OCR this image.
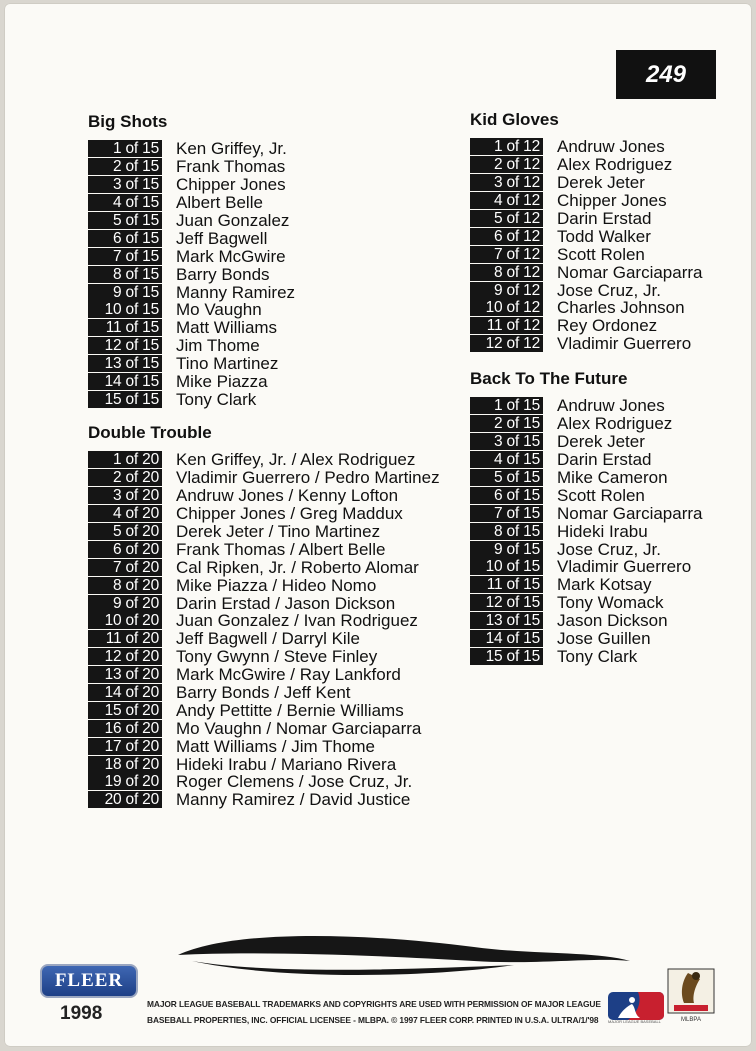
249
Big Shots
1 of 15 Ken Griffey, Jr.
2 of 15 Frank Thomas
3 of 15 Chipper Jones
4 of 15 Albert Belle
5 of 15 Juan Gonzalez
6 of 15 Jeff Bagwell
7 of 15 Mark McGwire
8 of 15 Barry Bonds
9 of 15 Manny Ramirez
10 of 15 Mo Vaughn
11 of 15 Matt Williams
12 of 15 Jim Thome
13 of 15 Tino Martinez
14 of 15 Mike Piazza
15 of 15 Tony Clark
Double Trouble
1 of 20 Ken Griffey, Jr. / Alex Rodriguez
2 of 20 Vladimir Guerrero / Pedro Martinez
3 of 20 Andruw Jones / Kenny Lofton
4 of 20 Chipper Jones / Greg Maddux
5 of 20 Derek Jeter / Tino Martinez
6 of 20 Frank Thomas / Albert Belle
7 of 20 Cal Ripken, Jr. / Roberto Alomar
8 of 20 Mike Piazza / Hideo Nomo
9 of 20 Darin Erstad / Jason Dickson
10 of 20 Juan Gonzalez / Ivan Rodriguez
11 of 20 Jeff Bagwell / Darryl Kile
12 of 20 Tony Gwynn / Steve Finley
13 of 20 Mark McGwire / Ray Lankford
14 of 20 Barry Bonds / Jeff Kent
15 of 20 Andy Pettitte / Bernie Williams
16 of 20 Mo Vaughn / Nomar Garciaparra
17 of 20 Matt Williams / Jim Thome
18 of 20 Hideki Irabu / Mariano Rivera
19 of 20 Roger Clemens / Jose Cruz, Jr.
20 of 20 Manny Ramirez / David Justice
Kid Gloves
1 of 12 Andruw Jones
2 of 12 Alex Rodriguez
3 of 12 Derek Jeter
4 of 12 Chipper Jones
5 of 12 Darin Erstad
6 of 12 Todd Walker
7 of 12 Scott Rolen
8 of 12 Nomar Garciaparra
9 of 12 Jose Cruz, Jr.
10 of 12 Charles Johnson
11 of 12 Rey Ordonez
12 of 12 Vladimir Guerrero
Back To The Future
1 of 15 Andruw Jones
2 of 15 Alex Rodriguez
3 of 15 Derek Jeter
4 of 15 Darin Erstad
5 of 15 Mike Cameron
6 of 15 Scott Rolen
7 of 15 Nomar Garciaparra
8 of 15 Hideki Irabu
9 of 15 Jose Cruz, Jr.
10 of 15 Vladimir Guerrero
11 of 15 Mark Kotsay
12 of 15 Tony Womack
13 of 15 Jason Dickson
14 of 15 Jose Guillen
15 of 15 Tony Clark
FLEER
1998	MAJOR LEAGUE BASEBALL TRADEMARKS AND COPYRIGHTS ARE USED WITH PERMISSION OF MAJOR LEAGUE
BASEBALL PROPERTIES, INC. OFFICIAL LICENSEE - MLBPA. © 1997 FLEER CORP. PRINTED IN U.S.A. ULTRA/1/'98	MAJOR LEAGUE BASEBALL	MLBPA
